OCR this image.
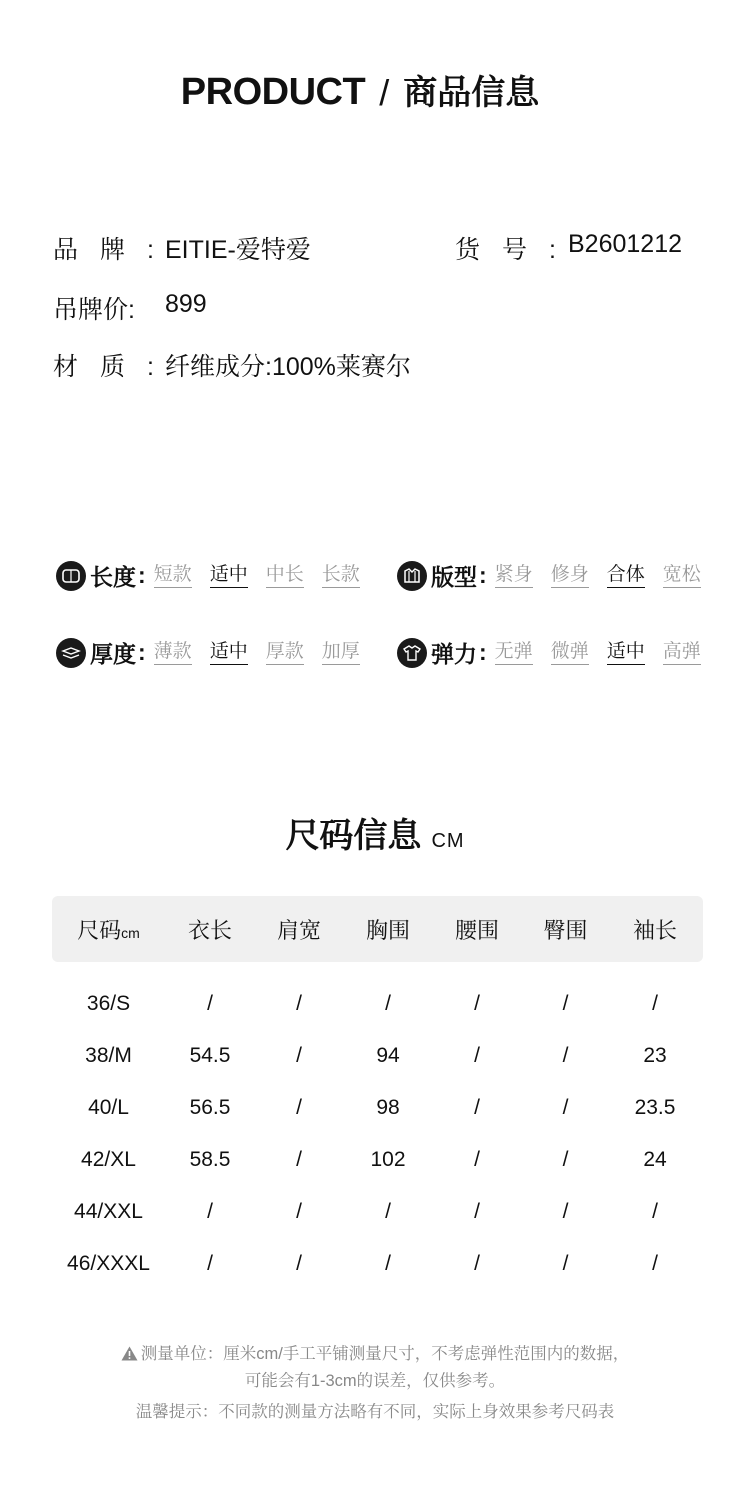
PRODUCT / 商品信息
品牌:
EITIE-爱特爱	货号:
B2601212
吊牌价: 899
材质:
纤维成分:100%莱赛尔
长度 : 短款 适中 中长 长款	版型 : 紧身 修身 合体 宽松
厚度 : 薄款 适中 厚款 加厚	弹力 : 无弹 微弹 适中 高弹
尺码信息 CM
尺码cm	衣长	肩宽	胸围	腰围	臀围	袖长
36/S	/	/	/	/	/	/
38/M	54.5	/	94	/	/	23
40/L	56.5	/	98	/	/	23.5
42/XL	58.5	/	102	/	/	24
44/XXL	/	/	/	/	/	/
46/XXXL	/	/	/	/	/	/
测量单位：厘米cm/手工平铺测量尺寸，不考虑弹性范围内的数据，
可能会有1-3cm的误差，仅供参考。
温馨提示：不同款的测量方法略有不同，实际上身效果参考尺码表
